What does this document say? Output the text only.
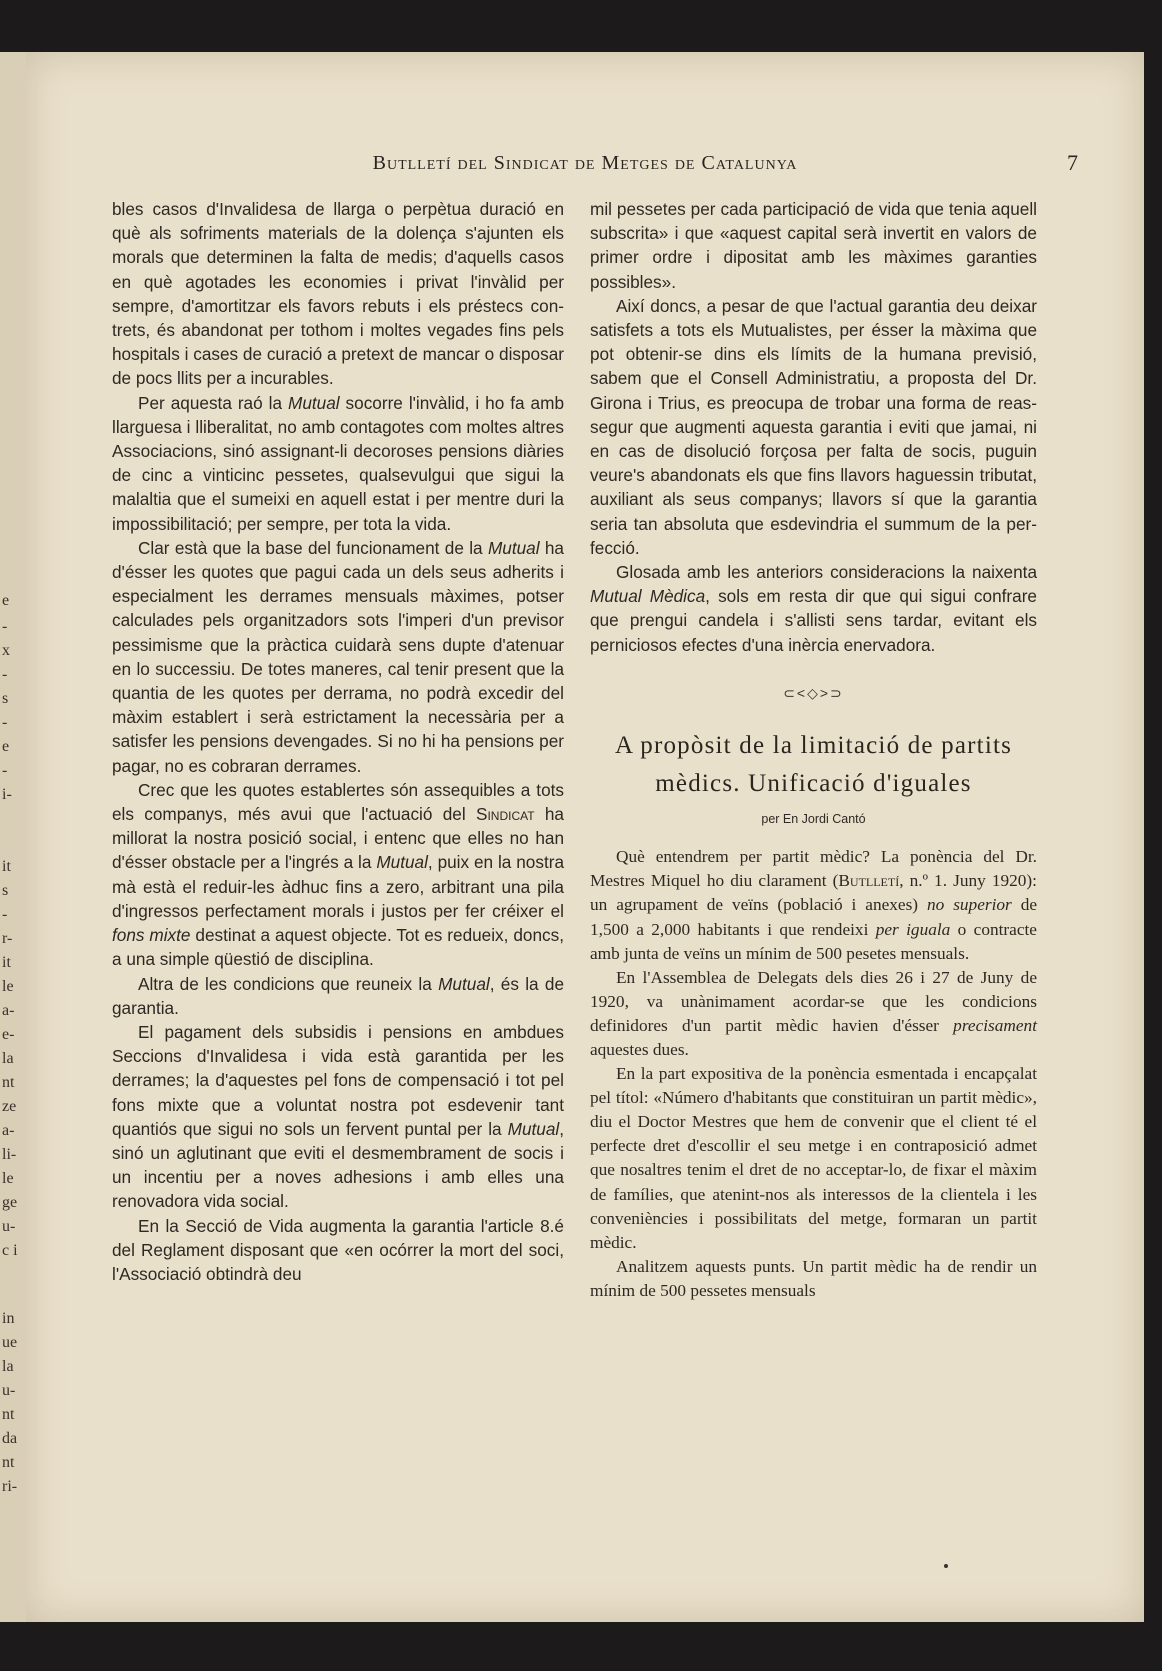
e
-
x
-
s
-
e
-
i-
it
s
-
r-
it
le
a-
e-
la
nt
ze
a-
li-
le
ge
u-
c i
in
ue
la
u-
nt
da
nt
ri-
Butlletí del Sindicat de Metges de Catalunya	7

bles casos d'Invalidesa de llarga o perpètua duració en què als sofriments materials de la dolença s'ajunten els morals que determinen la falta de medis; d'aquells casos en què agotades les economies i privat l'invàlid per sempre, d'amortitzar els favors rebuts i els préstecs contrets, és abandonat per tothom i moltes vegades fins pels hospitals i cases de curació a pretext de mancar o disposar de pocs llits per a incurables.

Per aquesta raó la Mutual socorre l'invàlid, i ho fa amb llarguesa i lliberalitat, no amb contagotes com moltes altres Associacions, sinó assignant-li decoroses pensions diàries de cinc a vinticinc pessetes, qualsevulgui que sigui la malaltia que el sumeixi en aquell estat i per mentre duri la impossibilitació; per sempre, per tota la vida.

Clar està que la base del funcionament de la Mutual ha d'ésser les quotes que pagui cada un dels seus adherits i especialment les derrames mensuals màximes, potser calculades pels organitzadors sots l'imperi d'un previsor pessimisme que la pràctica cuidarà sens dupte d'atenuar en lo successiu. De totes maneres, cal tenir present que la quantia de les quotes per derrama, no podrà excedir del màxim establert i serà estrictament la necessària per a satisfer les pensions devengades. Si no hi ha pensions per pagar, no es cobraran derrames.

Crec que les quotes establertes són assequibles a tots els companys, més avui que l'actuació del Sindicat ha millorat la nostra posició social, i entenc que elles no han d'ésser obstacle per a l'ingrés a la Mutual, puix en la nostra mà està el reduir-les àdhuc fins a zero, arbitrant una pila d'ingressos perfectament morals i justos per fer créixer el fons mixte destinat a aquest objecte. Tot es redueix, doncs, a una simple qüestió de disciplina.

Altra de les condicions que reuneix la Mutual, és la de garantia.

El pagament dels subsidis i pensions en ambdues Seccions d'Invalidesa i vida està garantida per les derrames; la d'aquestes pel fons de compensació i tot pel fons mixte que a voluntat nostra pot esdevenir tant quantiós que sigui no sols un fervent puntal per la Mutual, sinó un aglutinant que eviti el desmembrament de socis i un incentiu per a noves adhesions i amb elles una renovadora vida social.

En la Secció de Vida augmenta la garantia l'article 8.é del Reglament disposant que «en ocórrer la mort del soci, l'Associació obtindrà deu

mil pessetes per cada participació de vida que tenia aquell subscrita» i que «aquest capital serà invertit en valors de primer ordre i dipositat amb les màximes garanties possibles».

Així doncs, a pesar de que l'actual garantia deu deixar satisfets a tots els Mutualistes, per ésser la màxima que pot obtenir-se dins els límits de la humana previsió, sabem que el Consell Administratiu, a proposta del Dr. Girona i Trius, es preocupa de trobar una forma de reassegur que augmenti aquesta garantia i eviti que jamai, ni en cas de disolució forçosa per falta de socis, puguin veure's abandonats els que fins llavors haguessin tributat, auxiliant als seus companys; llavors sí que la garantia seria tan absoluta que esdevindria el summum de la perfecció.

Glosada amb les anteriors consideracions la naixenta Mutual Mèdica, sols em resta dir que qui sigui confrare que prengui candela i s'allisti sens tardar, evitant els perniciosos efectes d'una inèrcia enervadora.

⊂<◇>⊃
A propòsit de la limitació de partits mèdics. Unificació d'iguales
per En Jordi Cantó

Què entendrem per partit mèdic? La ponència del Dr. Mestres Miquel ho diu clarament (Butlletí, n.º 1. Juny 1920): un agrupament de veïns (població i anexes) no superior de 1,500 a 2,000 habitants i que rendeixi per iguala o contracte amb junta de veïns un mínim de 500 pesetes mensuals.

En l'Assemblea de Delegats dels dies 26 i 27 de Juny de 1920, va unànimament acordar-se que les condicions definidores d'un partit mèdic havien d'ésser precisament aquestes dues.

En la part expositiva de la ponència esmentada i encapçalat pel títol: «Número d'habitants que constituiran un partit mèdic», diu el Doctor Mestres que hem de convenir que el client té el perfecte dret d'escollir el seu metge i en contraposició admet que nosaltres tenim el dret de no acceptar-lo, de fixar el màxim de famílies, que atenint-nos als interessos de la clientela i les conveniències i possibilitats del metge, formaran un partit mèdic.

Analitzem aquests punts. Un partit mèdic ha de rendir un mínim de 500 pessetes mensuals
